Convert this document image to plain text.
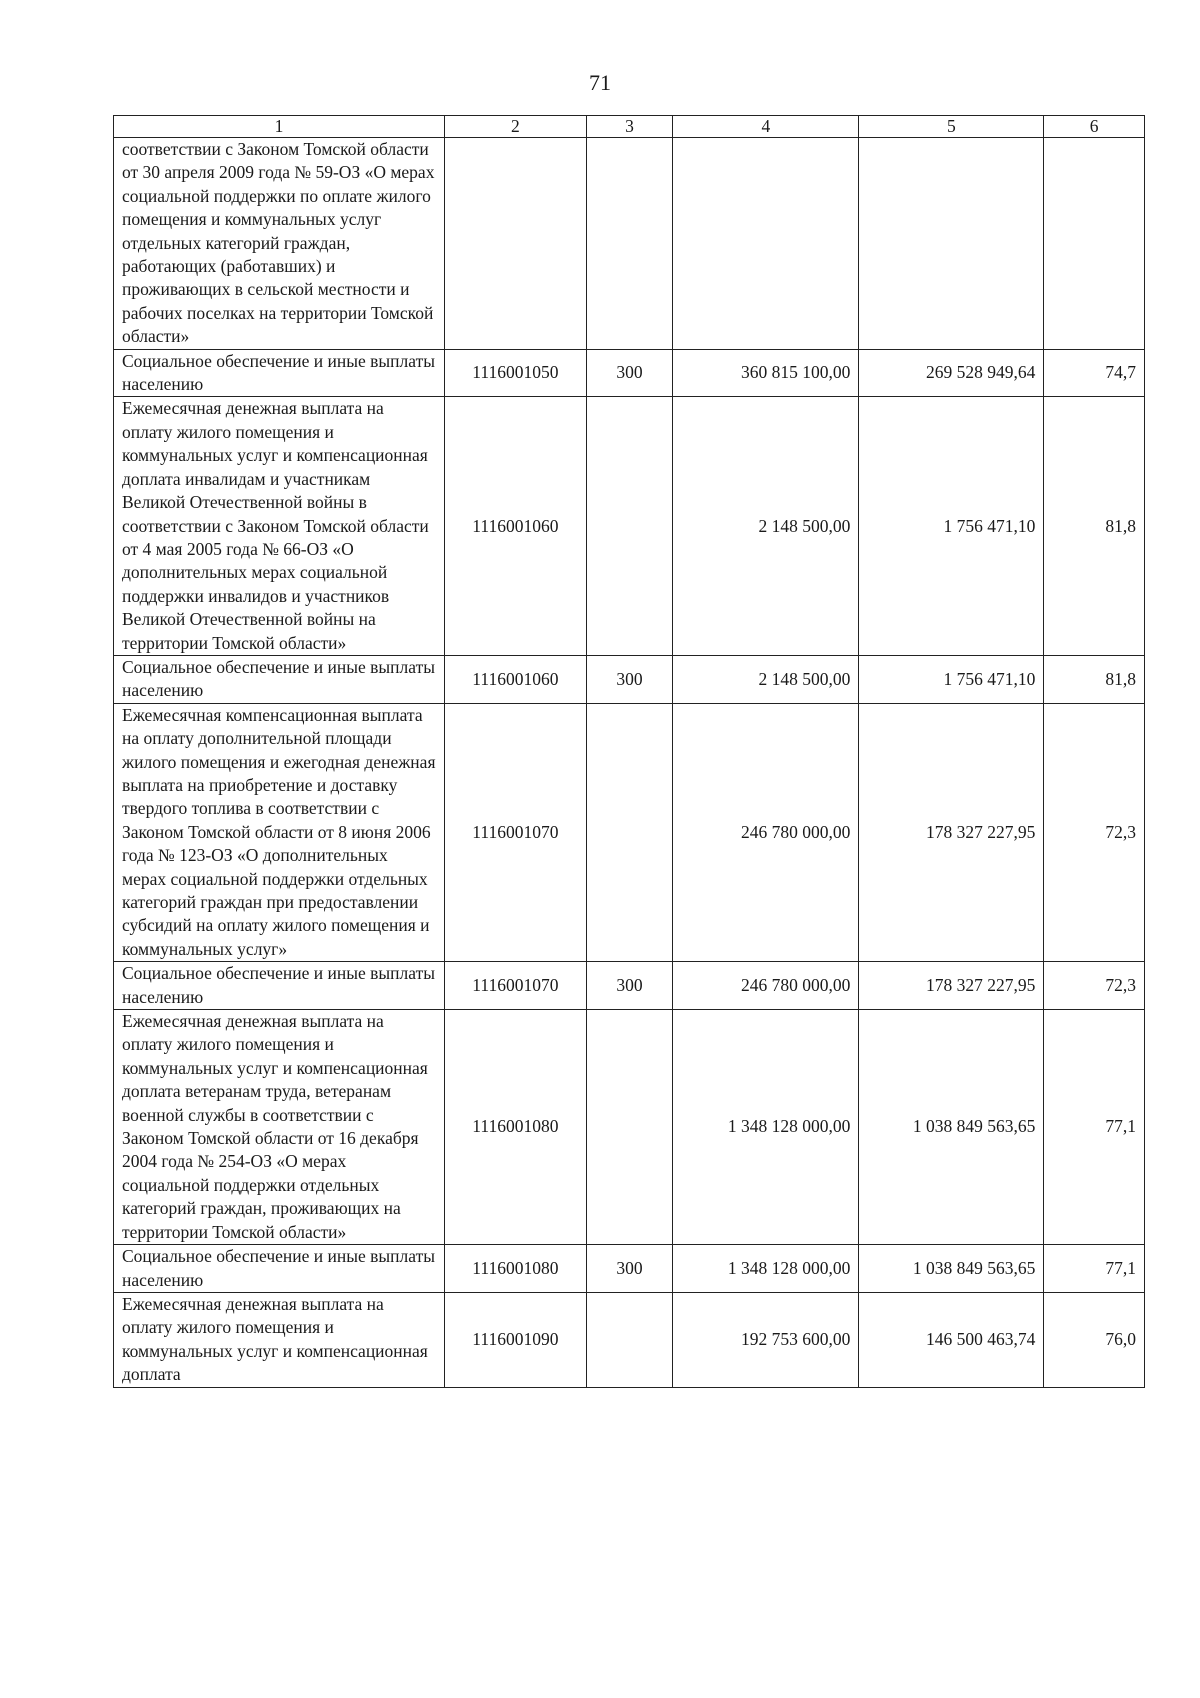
71
1	2	3	4	5	6
соответствии с Законом Томской области от 30 апреля 2009 года № 59-ОЗ «О мерах социальной поддержки по оплате жилого помещения и коммунальных услуг отдельных категорий граждан, работающих (работавших) и проживающих в сельской местности и рабочих поселках на территории Томской области»					
Социальное обеспечение и иные выплаты населению	1116001050	300	360 815 100,00	269 528 949,64	74,7
Ежемесячная денежная выплата на оплату жилого помещения и коммунальных услуг и компенсационная доплата инвалидам и участникам Великой Отечественной войны в соответствии с Законом Томской области от 4 мая 2005 года № 66-ОЗ «О дополнительных мерах социальной поддержки инвалидов и участников Великой Отечественной войны на территории Томской области»	1116001060		2 148 500,00	1 756 471,10	81,8
Социальное обеспечение и иные выплаты населению	1116001060	300	2 148 500,00	1 756 471,10	81,8
Ежемесячная компенсационная выплата на оплату дополнительной площади жилого помещения и ежегодная денежная выплата на приобретение и доставку твердого топлива в соответствии с Законом Томской области от 8 июня 2006 года № 123-ОЗ «О дополнительных мерах социальной поддержки отдельных категорий граждан при предоставлении субсидий на оплату жилого помещения и коммунальных услуг»	1116001070		246 780 000,00	178 327 227,95	72,3
Социальное обеспечение и иные выплаты населению	1116001070	300	246 780 000,00	178 327 227,95	72,3
Ежемесячная денежная выплата на оплату жилого помещения и коммунальных услуг и компенсационная доплата ветеранам труда, ветеранам военной службы в соответствии с Законом Томской области от 16 декабря 2004 года № 254-ОЗ «О мерах социальной поддержки отдельных категорий граждан, проживающих на территории Томской области»	1116001080		1 348 128 000,00	1 038 849 563,65	77,1
Социальное обеспечение и иные выплаты населению	1116001080	300	1 348 128 000,00	1 038 849 563,65	77,1
Ежемесячная денежная выплата на оплату жилого помещения и коммунальных услуг и компенсационная доплата	1116001090		192 753 600,00	146 500 463,74	76,0
